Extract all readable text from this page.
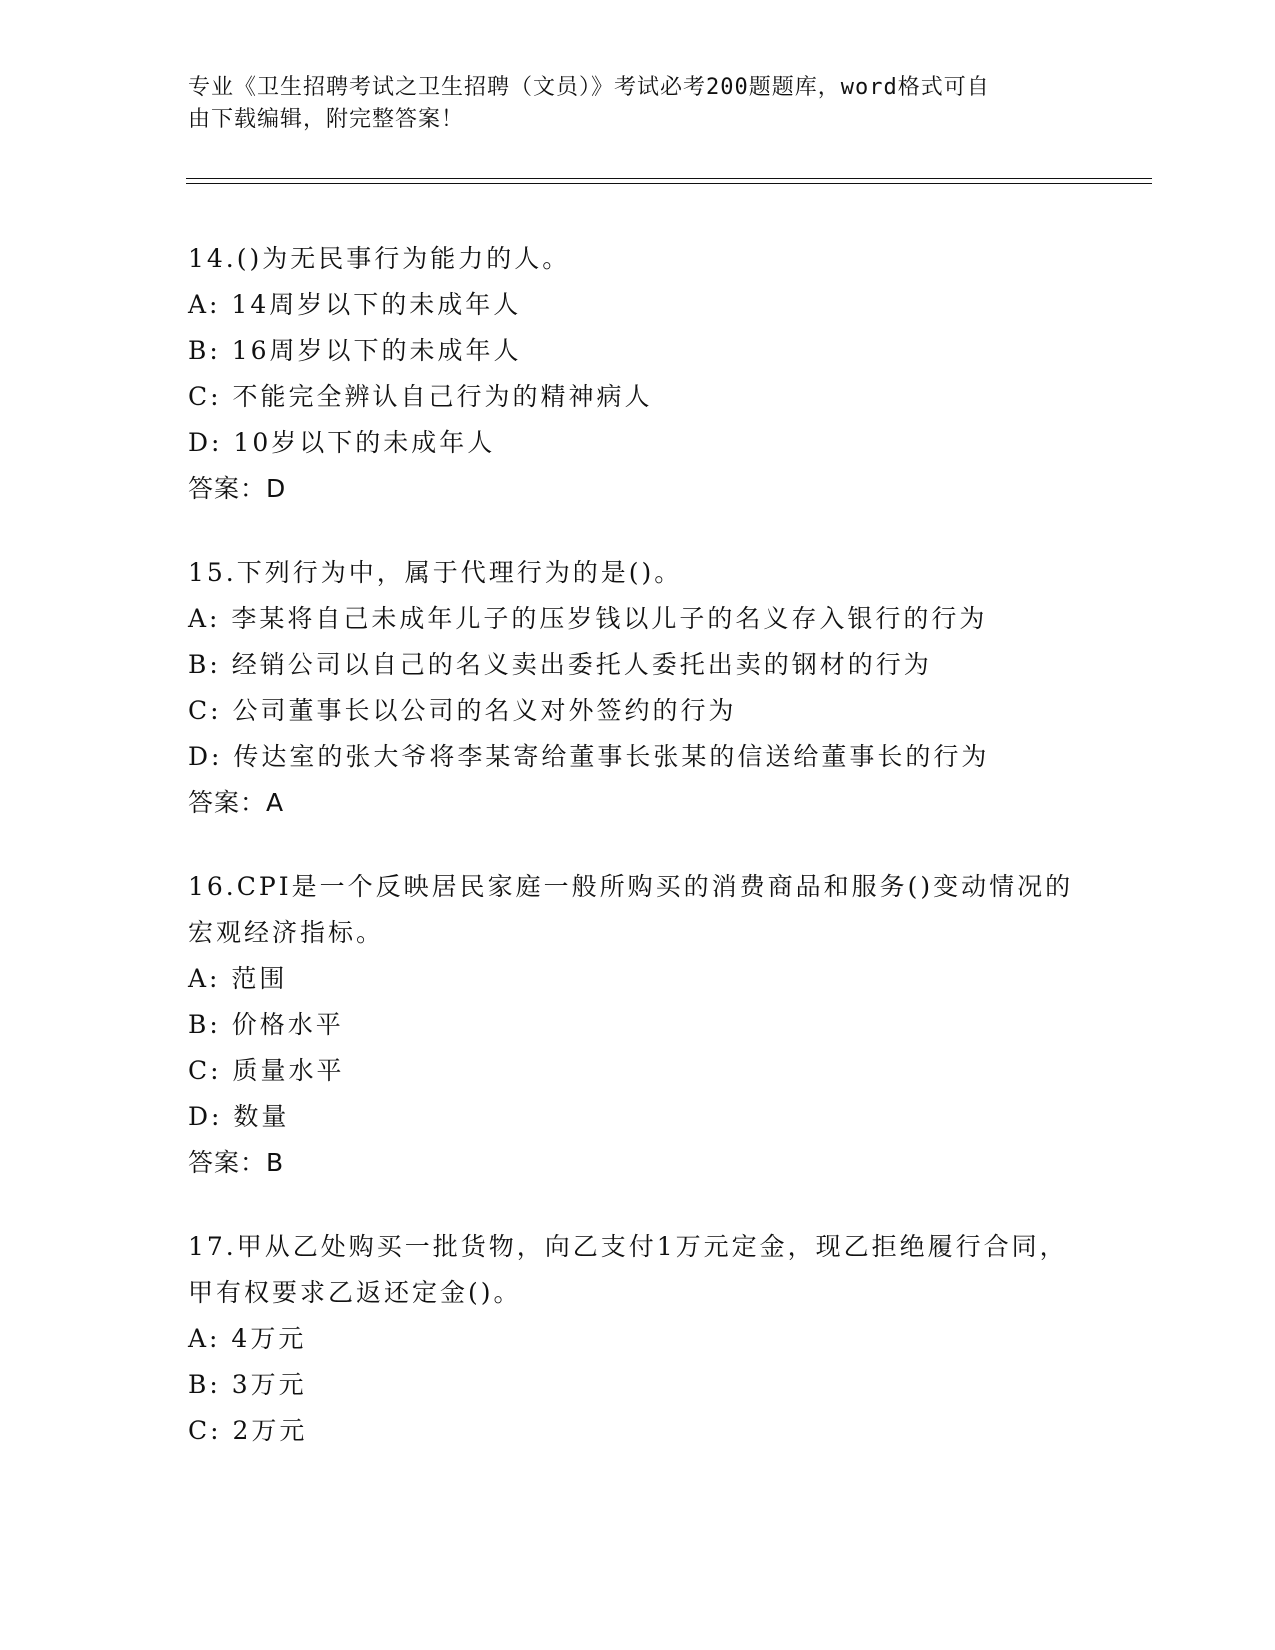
专业《卫生招聘考试之卫生招聘（文员）》考试必考200题题库，word格式可自
由下载编辑，附完整答案！

14.()为无民事行为能力的人。

A: 14周岁以下的未成年人

B: 16周岁以下的未成年人

C: 不能完全辨认自己行为的精神病人

D: 10岁以下的未成年人

答案：D

15.下列行为中，属于代理行为的是()。

A: 李某将自己未成年儿子的压岁钱以儿子的名义存入银行的行为

B: 经销公司以自己的名义卖出委托人委托出卖的钢材的行为

C: 公司董事长以公司的名义对外签约的行为

D: 传达室的张大爷将李某寄给董事长张某的信送给董事长的行为

答案：A

16.CPI是一个反映居民家庭一般所购买的消费商品和服务()变动情况的宏观经济指标。

A: 范围

B: 价格水平

C: 质量水平

D: 数量

答案：B

17.甲从乙处购买一批货物，向乙支付1万元定金，现乙拒绝履行合同，甲有权要求乙返还定金()。

A: 4万元

B: 3万元

C: 2万元
